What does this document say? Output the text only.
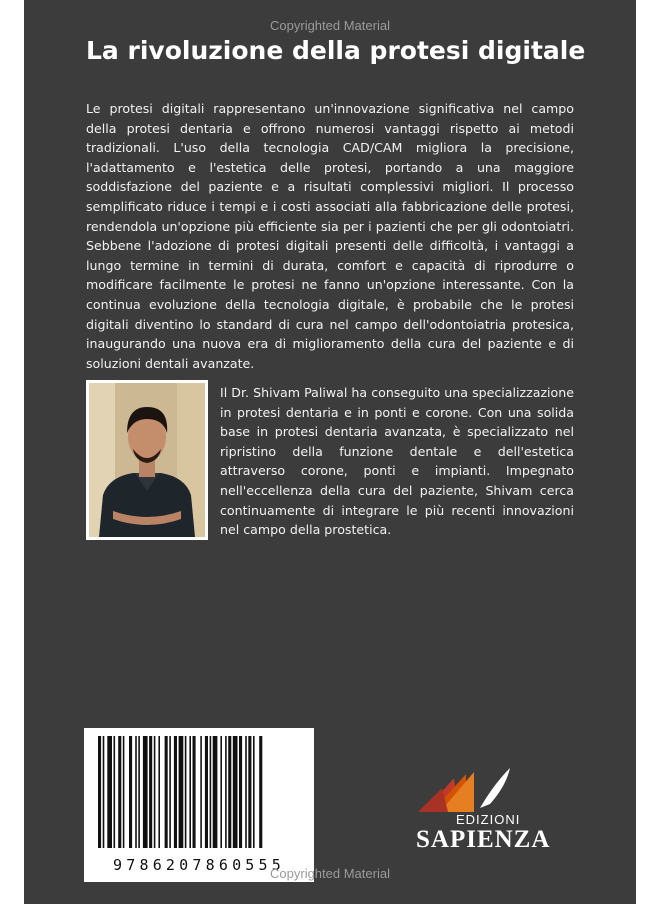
Copyrighted Material
La rivoluzione della protesi digitale

Le protesi digitali rappresentano un'innovazione significativa nel campo della protesi dentaria e offrono numerosi vantaggi rispetto ai metodi tradizionali. L'uso della tecnologia CAD/CAM migliora la precisione, l'adattamento e l'estetica delle protesi, portando a una maggiore soddisfazione del paziente e a risultati complessivi migliori. Il processo semplificato riduce i tempi e i costi associati alla fabbricazione delle protesi, rendendola un'opzione più efficiente sia per i pazienti che per gli odontoiatri. Sebbene l'adozione di protesi digitali presenti delle difficoltà, i vantaggi a lungo termine in termini di durata, comfort e capacità di riprodurre o modificare facilmente le protesi ne fanno un'opzione interessante. Con la continua evoluzione della tecnologia digitale, è probabile che le protesi digitali diventino lo standard di cura nel campo dell'odontoiatria protesica, inaugurando una nuova era di miglioramento della cura del paziente e di soluzioni dentali avanzate.

Il Dr. Shivam Paliwal ha conseguito una specializzazione in protesi dentaria e in ponti e corone. Con una solida base in protesi dentaria avanzata, è specializzato nel ripristino della funzione dentale e dell'estetica attraverso corone, ponti e impianti. Impegnato nell'eccellenza della cura del paziente, Shivam cerca continuamente di integrare le più recenti innovazioni nel campo della prostetica.

9786207860555
EDIZIONI
SAPIENZA
Copyrighted Material
